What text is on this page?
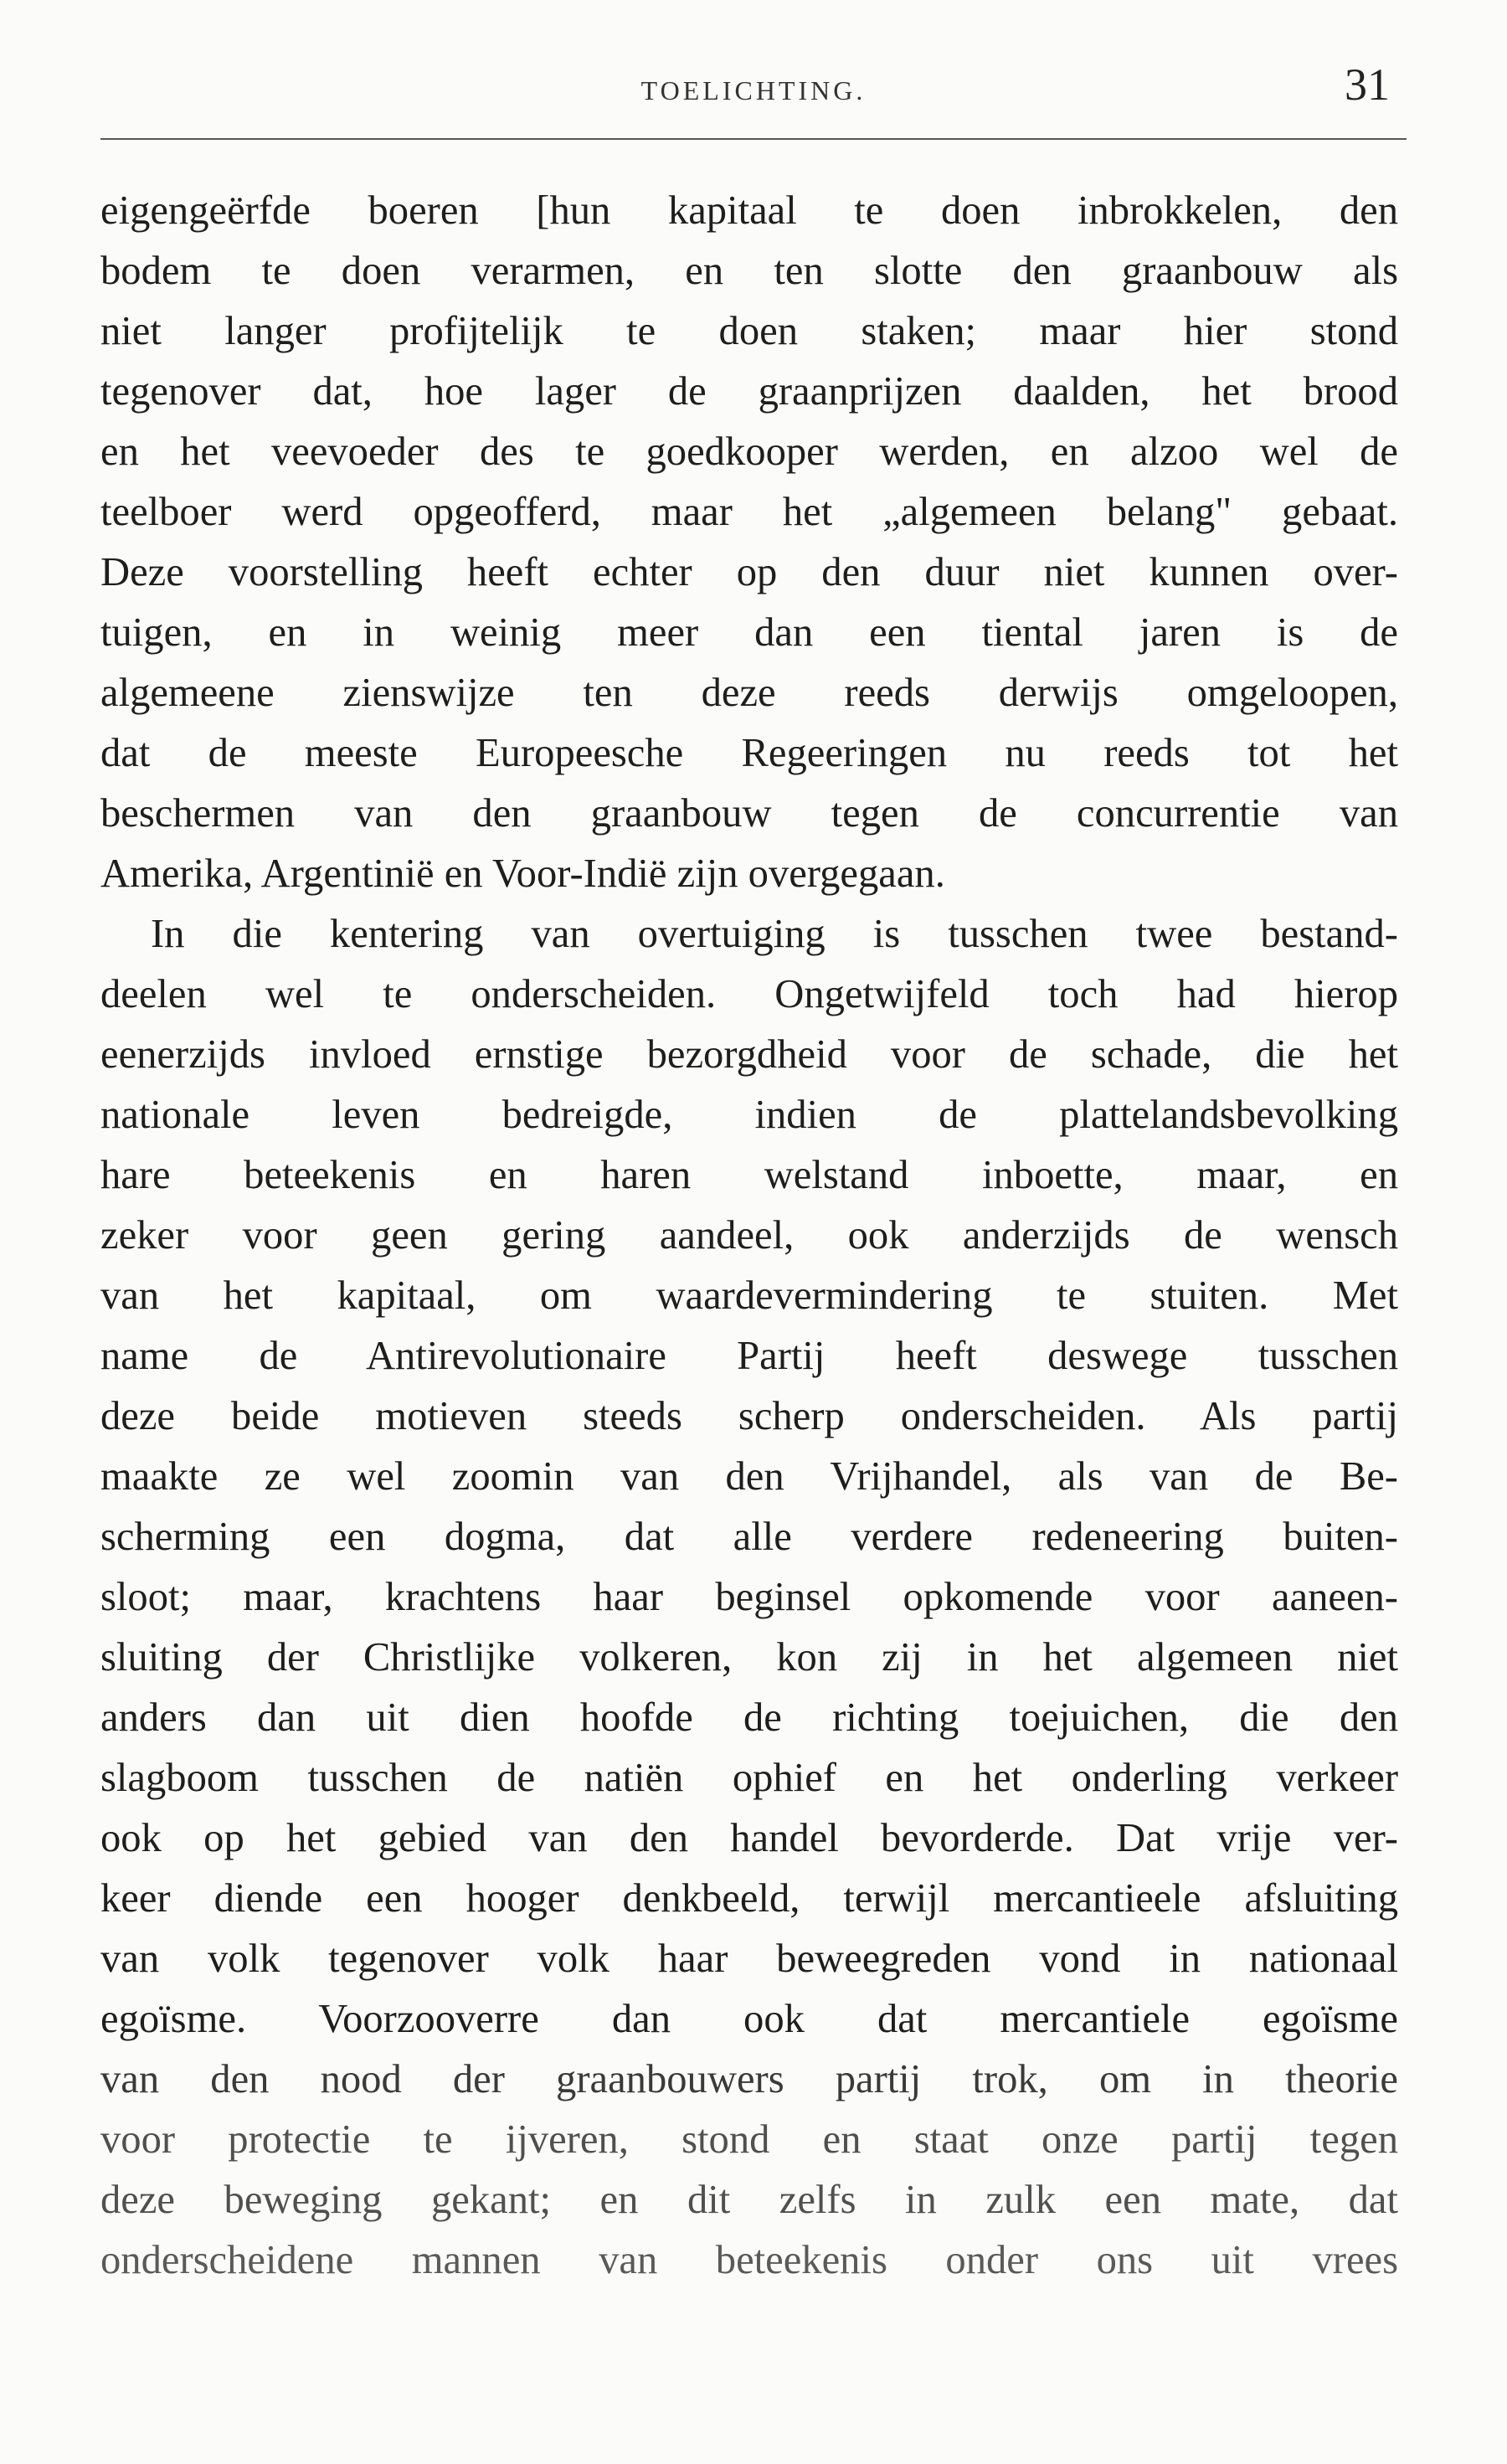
TOELICHTING.	31
eigengeërfde boeren [hun kapitaal te doen inbrokkelen, den
bodem te doen verarmen, en ten slotte den graanbouw als
niet langer profijtelijk te doen staken; maar hier stond
tegenover dat, hoe lager de graanprijzen daalden, het brood
en het veevoeder des te goedkooper werden, en alzoo wel de
teelboer werd opgeofferd, maar het „algemeen belang" gebaat.
Deze voorstelling heeft echter op den duur niet kunnen over-
tuigen, en in weinig meer dan een tiental jaren is de
algemeene zienswijze ten deze reeds derwijs omgeloopen,
dat de meeste Europeesche Regeeringen nu reeds tot het
beschermen van den graanbouw tegen de concurrentie van
Amerika, Argentinië en Voor-Indië zijn overgegaan.
In die kentering van overtuiging is tusschen twee bestand-
deelen wel te onderscheiden. Ongetwijfeld toch had hierop
eenerzijds invloed ernstige bezorgdheid voor de schade, die het
nationale leven bedreigde, indien de plattelandsbevolking
hare beteekenis en haren welstand inboette, maar, en
zeker voor geen gering aandeel, ook anderzijds de wensch
van het kapitaal, om waardevermindering te stuiten. Met
name de Antirevolutionaire Partij heeft deswege tusschen
deze beide motieven steeds scherp onderscheiden. Als partij
maakte ze wel zoomin van den Vrijhandel, als van de Be-
scherming een dogma, dat alle verdere redeneering buiten-
sloot; maar, krachtens haar beginsel opkomende voor aaneen-
sluiting der Christlijke volkeren, kon zij in het algemeen niet
anders dan uit dien hoofde de richting toejuichen, die den
slagboom tusschen de natiën ophief en het onderling verkeer
ook op het gebied van den handel bevorderde. Dat vrije ver-
keer diende een hooger denkbeeld, terwijl mercantieele afsluiting
van volk tegenover volk haar beweegreden vond in nationaal
egoïsme. Voorzooverre dan ook dat mercantiele egoïsme
van den nood der graanbouwers partij trok, om in theorie
voor protectie te ijveren, stond en staat onze partij tegen
deze beweging gekant; en dit zelfs in zulk een mate, dat
onderscheidene mannen van beteekenis onder ons uit vrees
